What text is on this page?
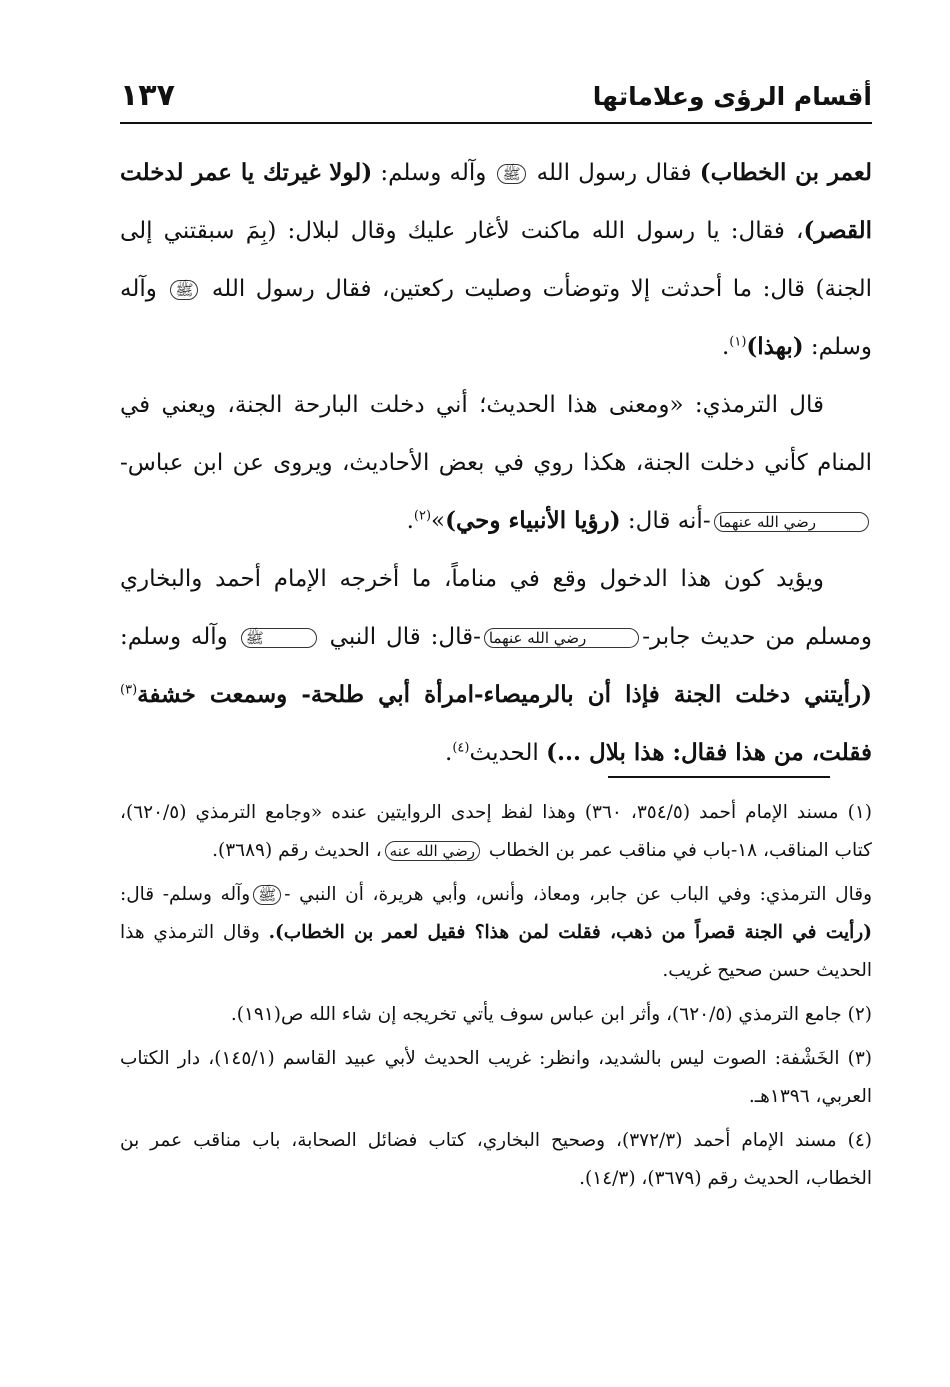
أقسام الرؤى وعلاماتها
١٣٧

لعمر بن الخطاب) فقال رسول الله ﷺ وآله وسلم: (لولا غيرتك يا عمر لدخلت القصر)، فقال: يا رسول الله ماكنت لأغار عليك وقال لبلال: (بِمَ سبقتني إلى الجنة) قال: ما أحدثت إلا وتوضأت وصليت ركعتين، فقال رسول الله ﷺ وآله وسلم: (بهذا)$^{(١)}$.

قال الترمذي: «ومعنى هذا الحديث؛ أني دخلت البارحة الجنة، ويعني في المنام كأني دخلت الجنة، هكذا روي في بعض الأحاديث، ويروى عن ابن عباس-رضي الله عنهما-أنه قال: (رؤيا الأنبياء وحي)»$^{(٢)}$.

ويؤيد كون هذا الدخول وقع في مناماً، ما أخرجه الإمام أحمد والبخاري ومسلم من حديث جابر-رضي الله عنهما-قال: قال النبي ﷺ وآله وسلم: (رأيتني دخلت الجنة فإذا أن بالرميصاء-امرأة أبي طلحة- وسمعت خشفة$^{(٣)}$ فقلت، من هذا فقال: هذا بلال ...) الحديث$^{(٤)}$.

(١) مسند الإمام أحمد (٣٥٤/٥، ٣٦٠) وهذا لفظ إحدى الروايتين عنده «وجامع الترمذي (٦٢٠/٥)، كتاب المناقب، ١٨-باب في مناقب عمر بن الخطاب رضي الله عنه، الحديث رقم (٣٦٨٩).

وقال الترمذي: وفي الباب عن جابر، ومعاذ، وأنس، وأبي هريرة، أن النبي -ﷺوآله وسلم- قال: (رأيت في الجنة قصراً من ذهب، فقلت لمن هذا؟ فقيل لعمر بن الخطاب). وقال الترمذي هذا الحديث حسن صحيح غريب.

(٢) جامع الترمذي (٦٢٠/٥)، وأثر ابن عباس سوف يأتي تخريجه إن شاء الله ص(١٩١).

(٣) الخَشْفة: الصوت ليس بالشديد، وانظر: غريب الحديث لأبي عبيد القاسم (١٤٥/١)، دار الكتاب العربي، ١٣٩٦هـ.

(٤) مسند الإمام أحمد (٣٧٢/٣)، وصحيح البخاري، كتاب فضائل الصحابة، باب مناقب عمر بن الخطاب، الحديث رقم (٣٦٧٩)، (١٤/٣).
